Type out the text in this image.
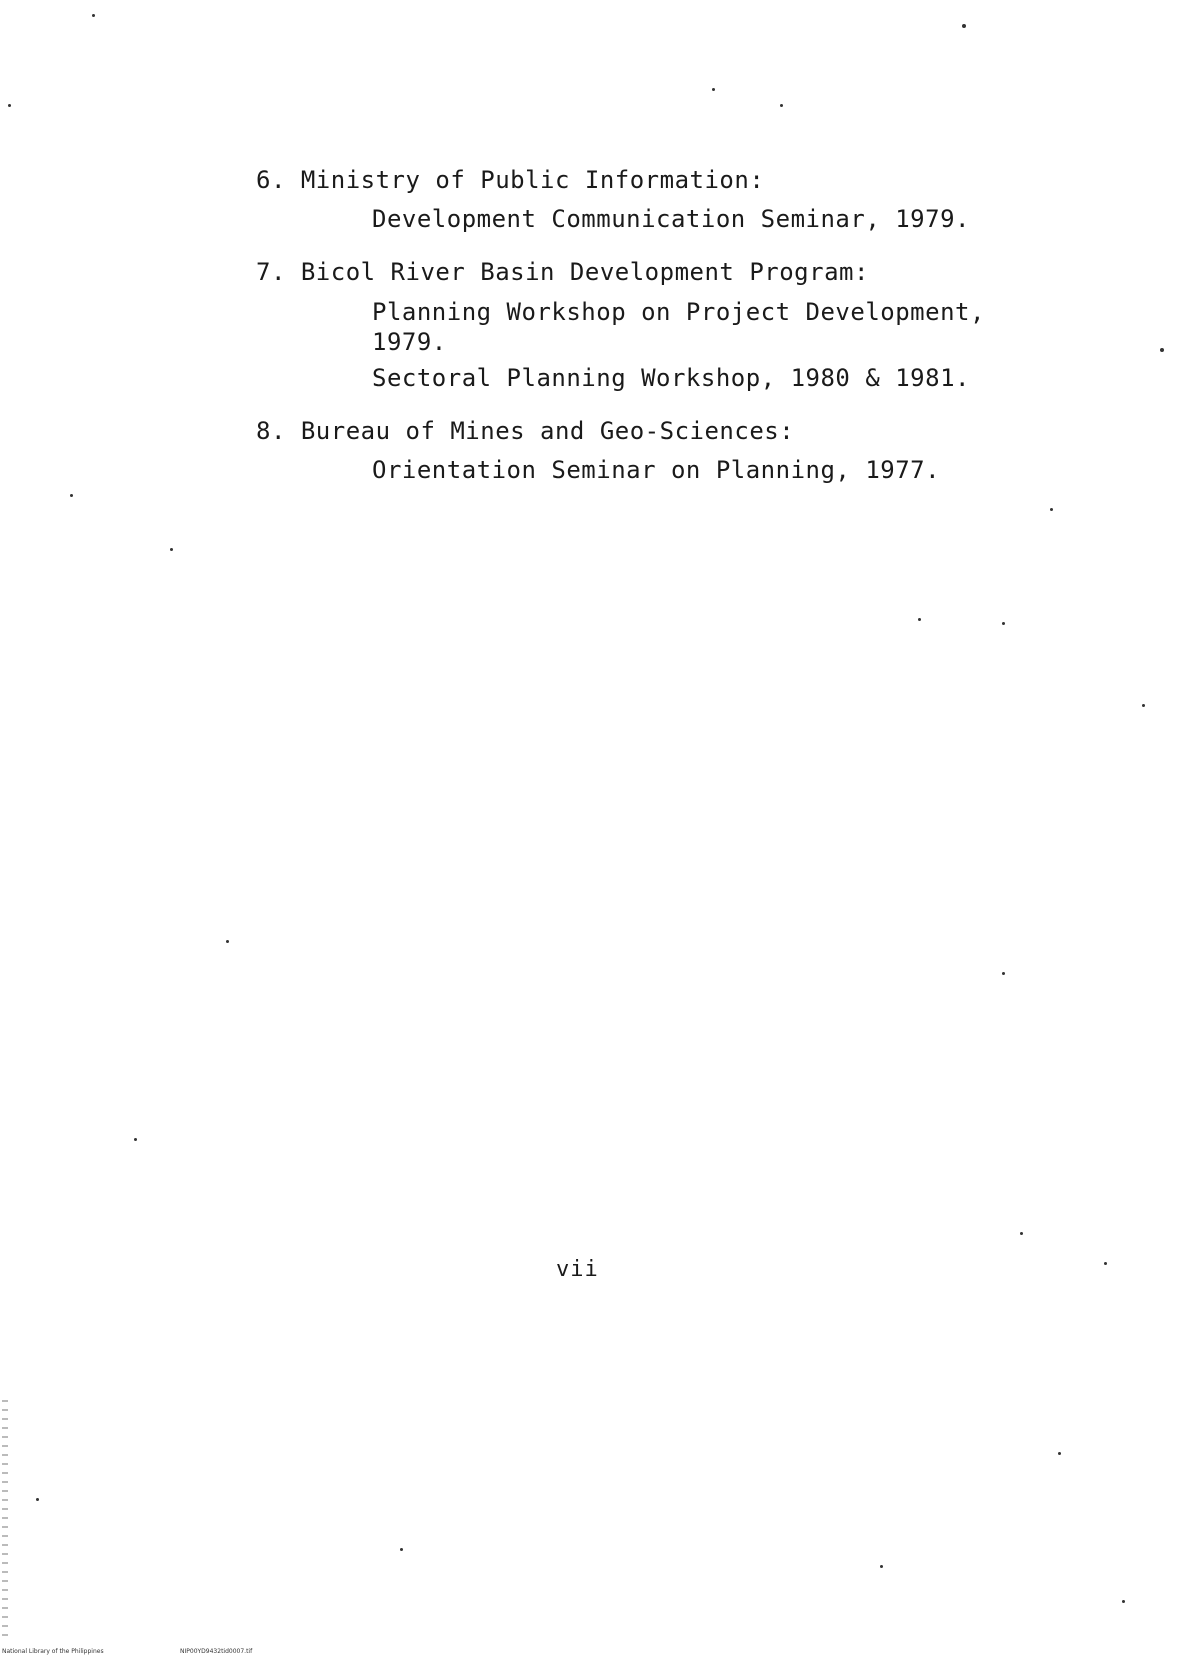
6. Ministry of Public Information:
Development Communication Seminar, 1979.
7. Bicol River Basin Development Program:
Planning Workshop on Project Development,
1979.
Sectoral Planning Workshop, 1980 & 1981.
8. Bureau of Mines and Geo-Sciences:
Orientation Seminar on Planning, 1977.
vii
National Library of the Philippines	NIP00YD9432tid0007.tif
